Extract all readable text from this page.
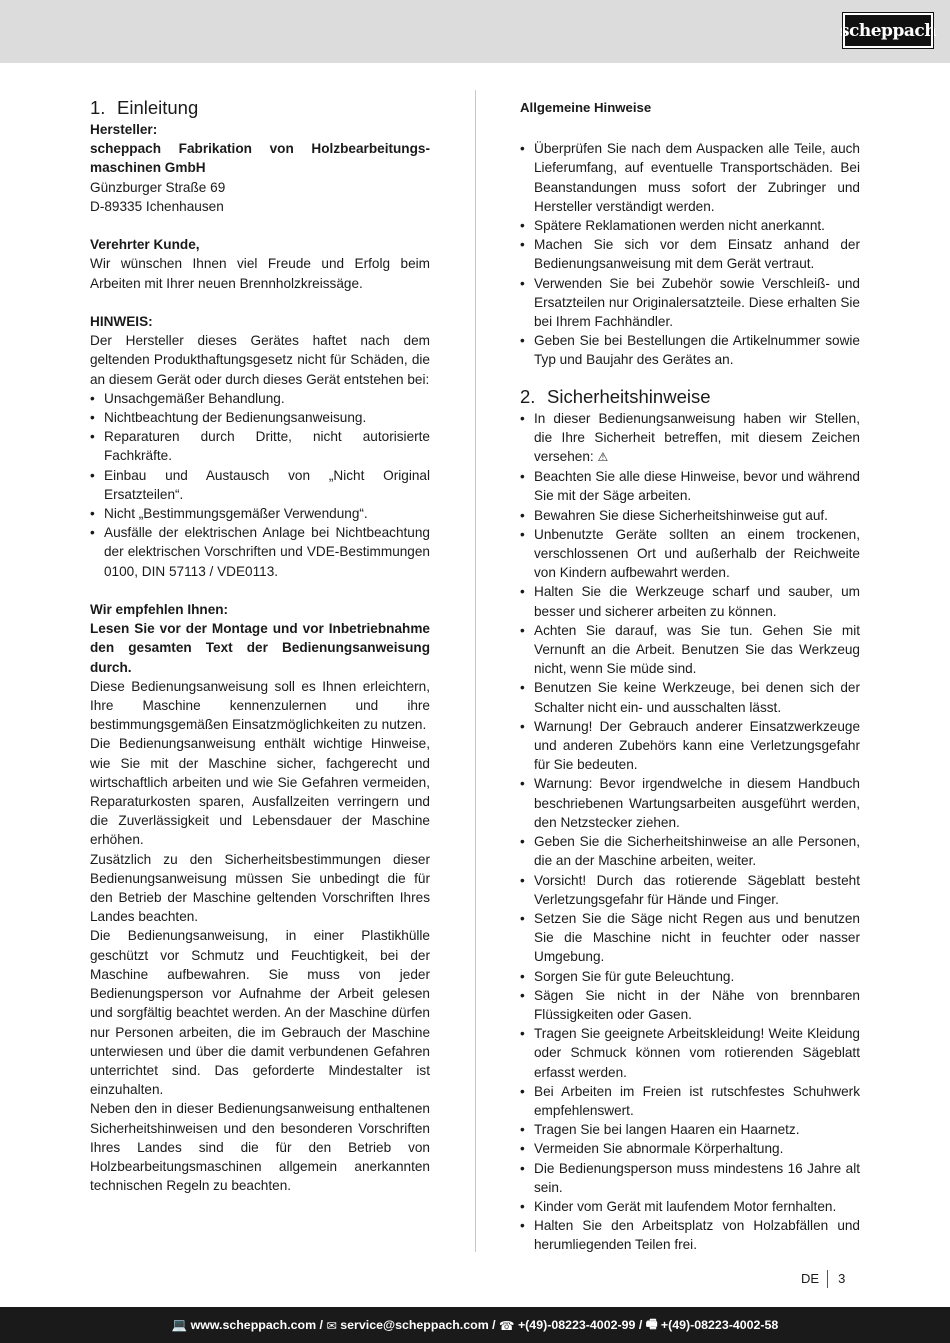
scheppach
1. Einleitung

Hersteller:

scheppach Fabrikation von Holzbearbeitungs-maschinen GmbH

Günzburger Straße 69

D-89335 Ichenhausen

Verehrter Kunde,

Wir wünschen Ihnen viel Freude und Erfolg beim Arbeiten mit Ihrer neuen Brennholzkreissäge.

HINWEIS:

Der Hersteller dieses Gerätes haftet nach dem geltenden Produkthaftungsgesetz nicht für Schäden, die an diesem Gerät oder durch dieses Gerät entstehen bei:

• Unsachgemäßer Behandlung.
• Nichtbeachtung der Bedienungsanweisung.
• Reparaturen durch Dritte, nicht autorisierte Fachkräfte.
• Einbau und Austausch von „Nicht Original Ersatzteilen“.
• Nicht „Bestimmungsgemäßer Verwendung“.
• Ausfälle der elektrischen Anlage bei Nichtbeachtung der elektrischen Vorschriften und VDE-Bestimmungen 0100, DIN 57113 / VDE0113.

Wir empfehlen Ihnen:

Lesen Sie vor der Montage und vor Inbetriebnahme den gesamten Text der Bedienungsanweisung durch.

Diese Bedienungsanweisung soll es Ihnen erleichtern, Ihre Maschine kennenzulernen und ihre bestimmungsgemäßen Einsatzmöglichkeiten zu nutzen.

Die Bedienungsanweisung enthält wichtige Hinweise, wie Sie mit der Maschine sicher, fachgerecht und wirtschaftlich arbeiten und wie Sie Gefahren vermeiden, Reparaturkosten sparen, Ausfallzeiten verringern und die Zuverlässigkeit und Lebensdauer der Maschine erhöhen.

Zusätzlich zu den Sicherheitsbestimmungen dieser Bedienungsanweisung müssen Sie unbedingt die für den Betrieb der Maschine geltenden Vorschriften Ihres Landes beachten.

Die Bedienungsanweisung, in einer Plastikhülle geschützt vor Schmutz und Feuchtigkeit, bei der Maschine aufbewahren. Sie muss von jeder Bedienungsperson vor Aufnahme der Arbeit gelesen und sorgfältig beachtet werden. An der Maschine dürfen nur Personen arbeiten, die im Gebrauch der Maschine unterwiesen und über die damit verbundenen Gefahren unterrichtet sind. Das geforderte Mindestalter ist einzuhalten.

Neben den in dieser Bedienungsanweisung enthaltenen Sicherheitshinweisen und den besonderen Vorschriften Ihres Landes sind die für den Betrieb von Holzbearbeitungsmaschinen allgemein anerkannten technischen Regeln zu beachten.

Allgemeine Hinweise

• Überprüfen Sie nach dem Auspacken alle Teile, auch Lieferumfang, auf eventuelle Transportschäden. Bei Beanstandungen muss sofort der Zubringer und Hersteller verständigt werden.
• Spätere Reklamationen werden nicht anerkannt.
• Machen Sie sich vor dem Einsatz anhand der Bedienungsanweisung mit dem Gerät vertraut.
• Verwenden Sie bei Zubehör sowie Verschleiß- und Ersatzteilen nur Originalersatzteile. Diese erhalten Sie bei Ihrem Fachhändler.
• Geben Sie bei Bestellungen die Artikelnummer sowie Typ und Baujahr des Gerätes an.
2. Sicherheitshinweise
• In dieser Bedienungsanweisung haben wir Stellen, die Ihre Sicherheit betreffen, mit diesem Zeichen versehen: ⚠
• Beachten Sie alle diese Hinweise, bevor und während Sie mit der Säge arbeiten.
• Bewahren Sie diese Sicherheitshinweise gut auf.
• Unbenutzte Geräte sollten an einem trockenen, verschlossenen Ort und außerhalb der Reichweite von Kindern aufbewahrt werden.
• Halten Sie die Werkzeuge scharf und sauber, um besser und sicherer arbeiten zu können.
• Achten Sie darauf, was Sie tun. Gehen Sie mit Vernunft an die Arbeit. Benutzen Sie das Werkzeug nicht, wenn Sie müde sind.
• Benutzen Sie keine Werkzeuge, bei denen sich der Schalter nicht ein- und ausschalten lässt.
• Warnung! Der Gebrauch anderer Einsatzwerkzeuge und anderen Zubehörs kann eine Verletzungsgefahr für Sie bedeuten.
• Warnung: Bevor irgendwelche in diesem Handbuch beschriebenen Wartungsarbeiten ausgeführt werden, den Netzstecker ziehen.
• Geben Sie die Sicherheitshinweise an alle Personen, die an der Maschine arbeiten, weiter.
• Vorsicht! Durch das rotierende Sägeblatt besteht Verletzungsgefahr für Hände und Finger.
• Setzen Sie die Säge nicht Regen aus und benutzen Sie die Maschine nicht in feuchter oder nasser Umgebung.
• Sorgen Sie für gute Beleuchtung.
• Sägen Sie nicht in der Nähe von brennbaren Flüssigkeiten oder Gasen.
• Tragen Sie geeignete Arbeitskleidung! Weite Kleidung oder Schmuck können vom rotierenden Sägeblatt erfasst werden.
• Bei Arbeiten im Freien ist rutschfestes Schuhwerk empfehlenswert.
• Tragen Sie bei langen Haaren ein Haarnetz.
• Vermeiden Sie abnormale Körperhaltung.
• Die Bedienungsperson muss mindestens 16 Jahre alt sein.
• Kinder vom Gerät mit laufendem Motor fernhalten.
• Halten Sie den Arbeitsplatz von Holzabfällen und herumliegenden Teilen frei.
DE 3
💻 www.scheppach.com / ✉ service@scheppach.com / ☎ +(49)-08223-4002-99 / 🖷 +(49)-08223-4002-58
